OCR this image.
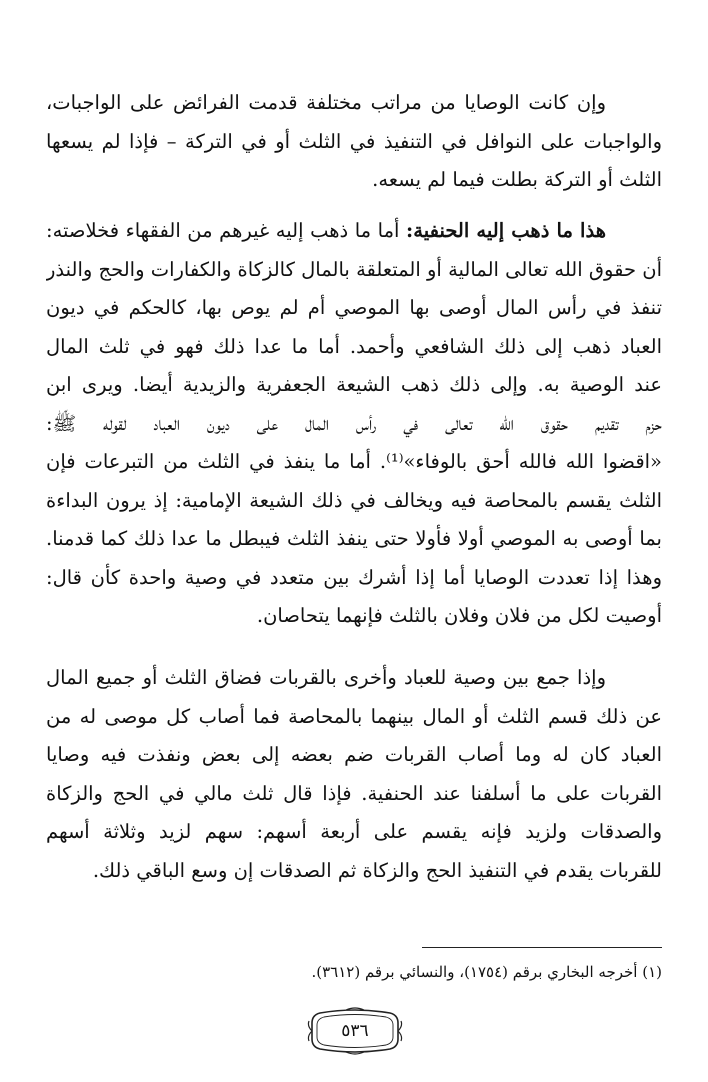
وإن كانت الوصايا من مراتب مختلفة قدمت الفرائض على الواجبات،
والواجبات على النوافل في التنفيذ في الثلث أو في التركة – فإذا لم يسعها
الثلث أو التركة بطلت فيما لم يسعه.
هذا ما ذهب إليه الحنفية: أما ما ذهب إليه غيرهم من الفقهاء فخلاصته:
أن حقوق الله تعالى المالية أو المتعلقة بالمال كالزكاة والكفارات والحج والنذر
تنفذ في رأس المال أوصى بها الموصي أم لم يوص بها، كالحكم في ديون
العباد ذهب إلى ذلك الشافعي وأحمد. أما ما عدا ذلك فهو في ثلث المال
عند الوصية به. وإلى ذلك ذهب الشيعة الجعفرية والزيدية أيضا. ويرى ابن
حزم تقديم حقوق الله تعالى في رأس المال على ديون العباد لقوله ﷺ:
«اقضوا الله فالله أحق بالوفاء»⁽¹⁾. أما ما ينفذ في الثلث من التبرعات فإن
الثلث يقسم بالمحاصة فيه ويخالف في ذلك الشيعة الإمامية: إذ يرون البداءة
بما أوصى به الموصي أولا فأولا حتى ينفذ الثلث فيبطل ما عدا ذلك كما قدمنا.
وهذا إذا تعددت الوصايا أما إذا أشرك بين متعدد في وصية واحدة كأن قال:
أوصيت لكل من فلان وفلان بالثلث فإنهما يتحاصان.
وإذا جمع بين وصية للعباد وأخرى بالقربات فضاق الثلث أو جميع المال
عن ذلك قسم الثلث أو المال بينهما بالمحاصة فما أصاب كل موصى له من
العباد كان له وما أصاب القربات ضم بعضه إلى بعض ونفذت فيه وصايا
القربات على ما أسلفنا عند الحنفية. فإذا قال ثلث مالي في الحج والزكاة
والصدقات ولزيد فإنه يقسم على أربعة أسهم: سهم لزيد وثلاثة أسهم
للقربات يقدم في التنفيذ الحج والزكاة ثم الصدقات إن وسع الباقي ذلك.
(١) أخرجه البخاري برقم (١٧٥٤)، والنسائي برقم (٣٦١٢).
٥٣٦
